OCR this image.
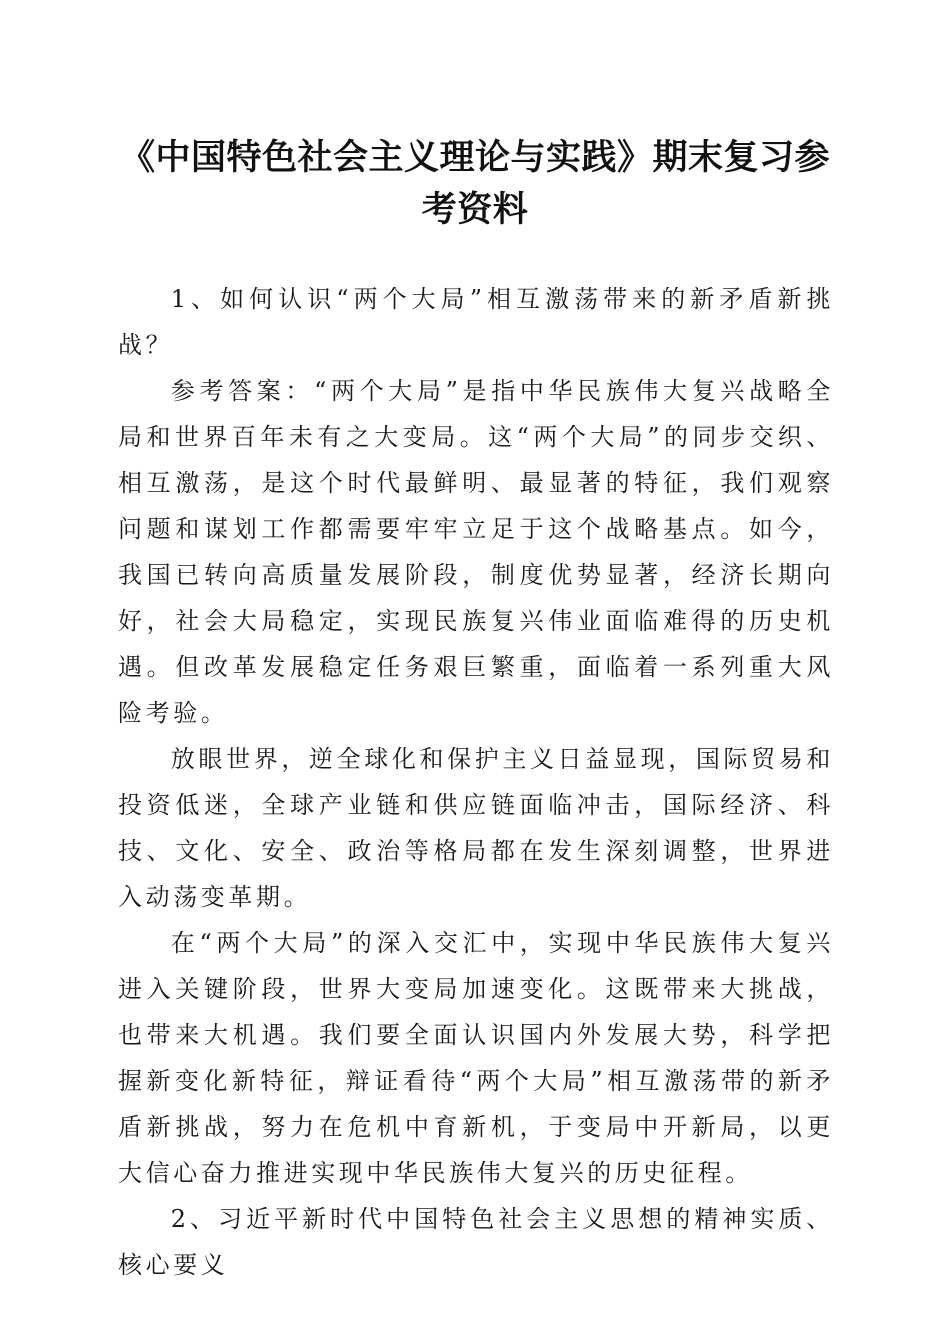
《中国特色社会主义理论与实践》期末复习参考资料

1、如何认识“两个大局”相互激荡带来的新矛盾新挑战？

参考答案：“两个大局”是指中华民族伟大复兴战略全局和世界百年未有之大变局。这“两个大局”的同步交织、相互激荡，是这个时代最鲜明、最显著的特征，我们观察问题和谋划工作都需要牢牢立足于这个战略基点。如今，我国已转向高质量发展阶段，制度优势显著，经济长期向好，社会大局稳定，实现民族复兴伟业面临难得的历史机遇。但改革发展稳定任务艰巨繁重，面临着一系列重大风险考验。

放眼世界，逆全球化和保护主义日益显现，国际贸易和投资低迷，全球产业链和供应链面临冲击，国际经济、科技、文化、安全、政治等格局都在发生深刻调整，世界进入动荡变革期。

在“两个大局”的深入交汇中，实现中华民族伟大复兴进入关键阶段，世界大变局加速变化。这既带来大挑战，也带来大机遇。我们要全面认识国内外发展大势，科学把握新变化新特征，辩证看待“两个大局”相互激荡带的新矛盾新挑战，努力在危机中育新机，于变局中开新局，以更大信心奋力推进实现中华民族伟大复兴的历史征程。

2、习近平新时代中国特色社会主义思想的精神实质、核心要义
